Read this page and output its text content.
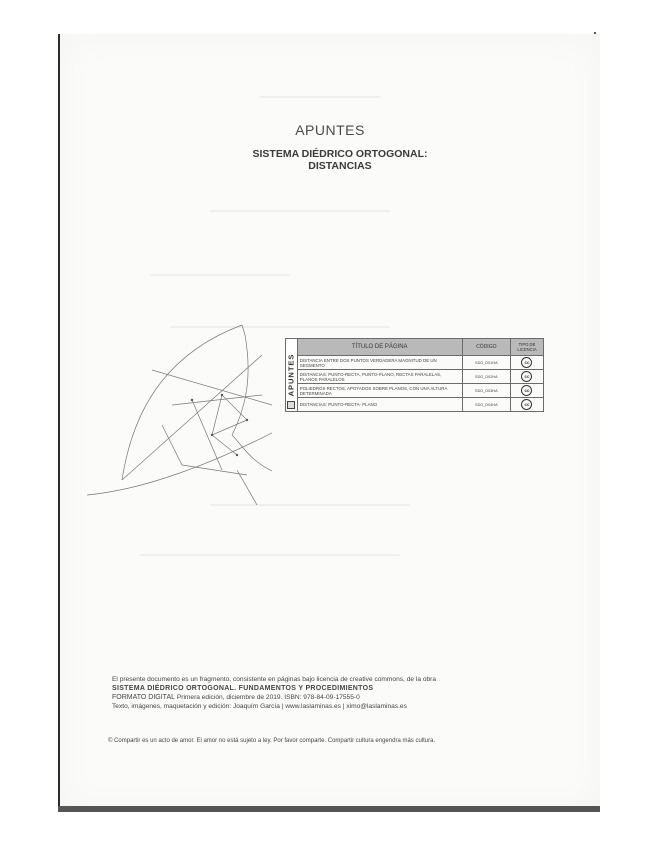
APUNTES
SISTEMA DIÉDRICO ORTOGONAL:
DISTANCIAS
APUNTES	TÍTULO DE PÁGINA	CÓDIGO	TIPO DE LICENCIA
	DISTANCIA ENTRE DOS PUNTOS VERDADERA MAGNITUD DE UN SEGMENTO	SDO_D01HA	cc
	DISTANCIAS: PUNTO-RECTA, PUNTO-PLANO, RECTAS PARALELAS, PLANOS PARALELOS	SDO_D02HA	cc
	POLIEDROS RECTOS, APOYADOS SOBRE PLANOS, CON UNA ALTURA DETERMINADA	SDO_D03HA	cc
	DISTANCIAS: PUNTO-RECTA- PLANO	SDO_D04HA	cc
El presente documento es un fragmento, consistente en páginas bajo licencia de creative commons, de la obra
SISTEMA DIÉDRICO ORTOGONAL. FUNDAMENTOS Y PROCEDIMIENTOS
FORMATO DIGITAL Primera edición, diciembre de 2019. ISBN: 978-84-09-17555-0
Texto, imágenes, maquetación y edición: Joaquím García | www.laslaminas.es | ximo@laslaminas.es
© Compartir es un acto de amor. El amor no está sujeto a ley. Por favor comparte. Compartir cultura engendra más cultura.
